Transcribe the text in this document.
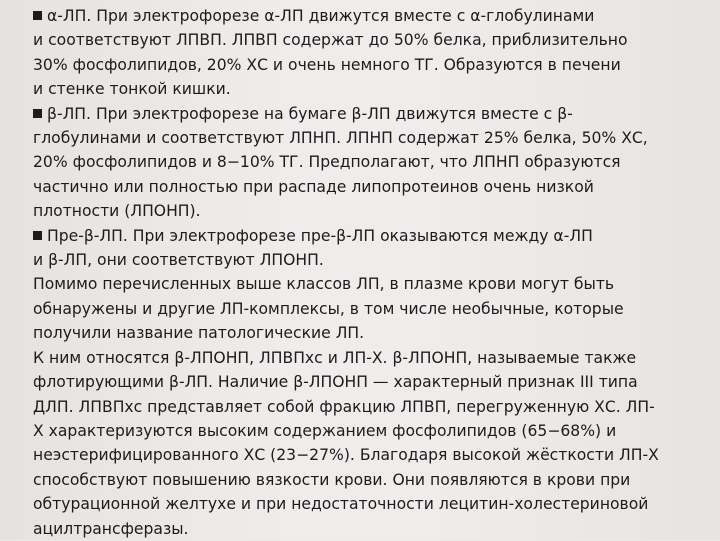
α-ЛП. При электрофорезе α-ЛП движутся вместе с α-глобулинами
и соответствуют ЛПВП. ЛПВП содержат до 50% белка, приблизительно
30% фосфолипидов, 20% ХС и очень немного ТГ. Образуются в печени
и стенке тонкой кишки.
β-ЛП. При электрофорезе на бумаге β-ЛП движутся вместе с β-
глобулинами и соответствуют ЛПНП. ЛПНП содержат 25% белка, 50% ХС,
20% фосфолипидов и 8−10% ТГ. Предполагают, что ЛПНП образуются
частично или полностью при распаде липопротеинов очень низкой
плотности (ЛПОНП).
Пре-β-ЛП. При электрофорезе пре-β-ЛП оказываются между α-ЛП
и β-ЛП, они соответствуют ЛПОНП.
Помимо перечисленных выше классов ЛП, в плазме крови могут быть
обнаружены и другие ЛП-комплексы, в том числе необычные, которые
получили название патологические ЛП.
К ним относятся β-ЛПОНП, ЛПВПхс и ЛП-Х. β-ЛПОНП, называемые также
флотирующими β-ЛП. Наличие β-ЛПОНП — характерный признак III типа
ДЛП. ЛПВПхс представляет собой фракцию ЛПВП, перегруженную ХС. ЛП-
Х характеризуются высоким содержанием фосфолипидов (65−68%) и
неэстерифицированного ХС (23−27%). Благодаря высокой жёсткости ЛП-Х
способствуют повышению вязкости крови. Они появляются в крови при
обтурационной желтухе и при недостаточности лецитин-холестериновой
ацилтрансферазы.
